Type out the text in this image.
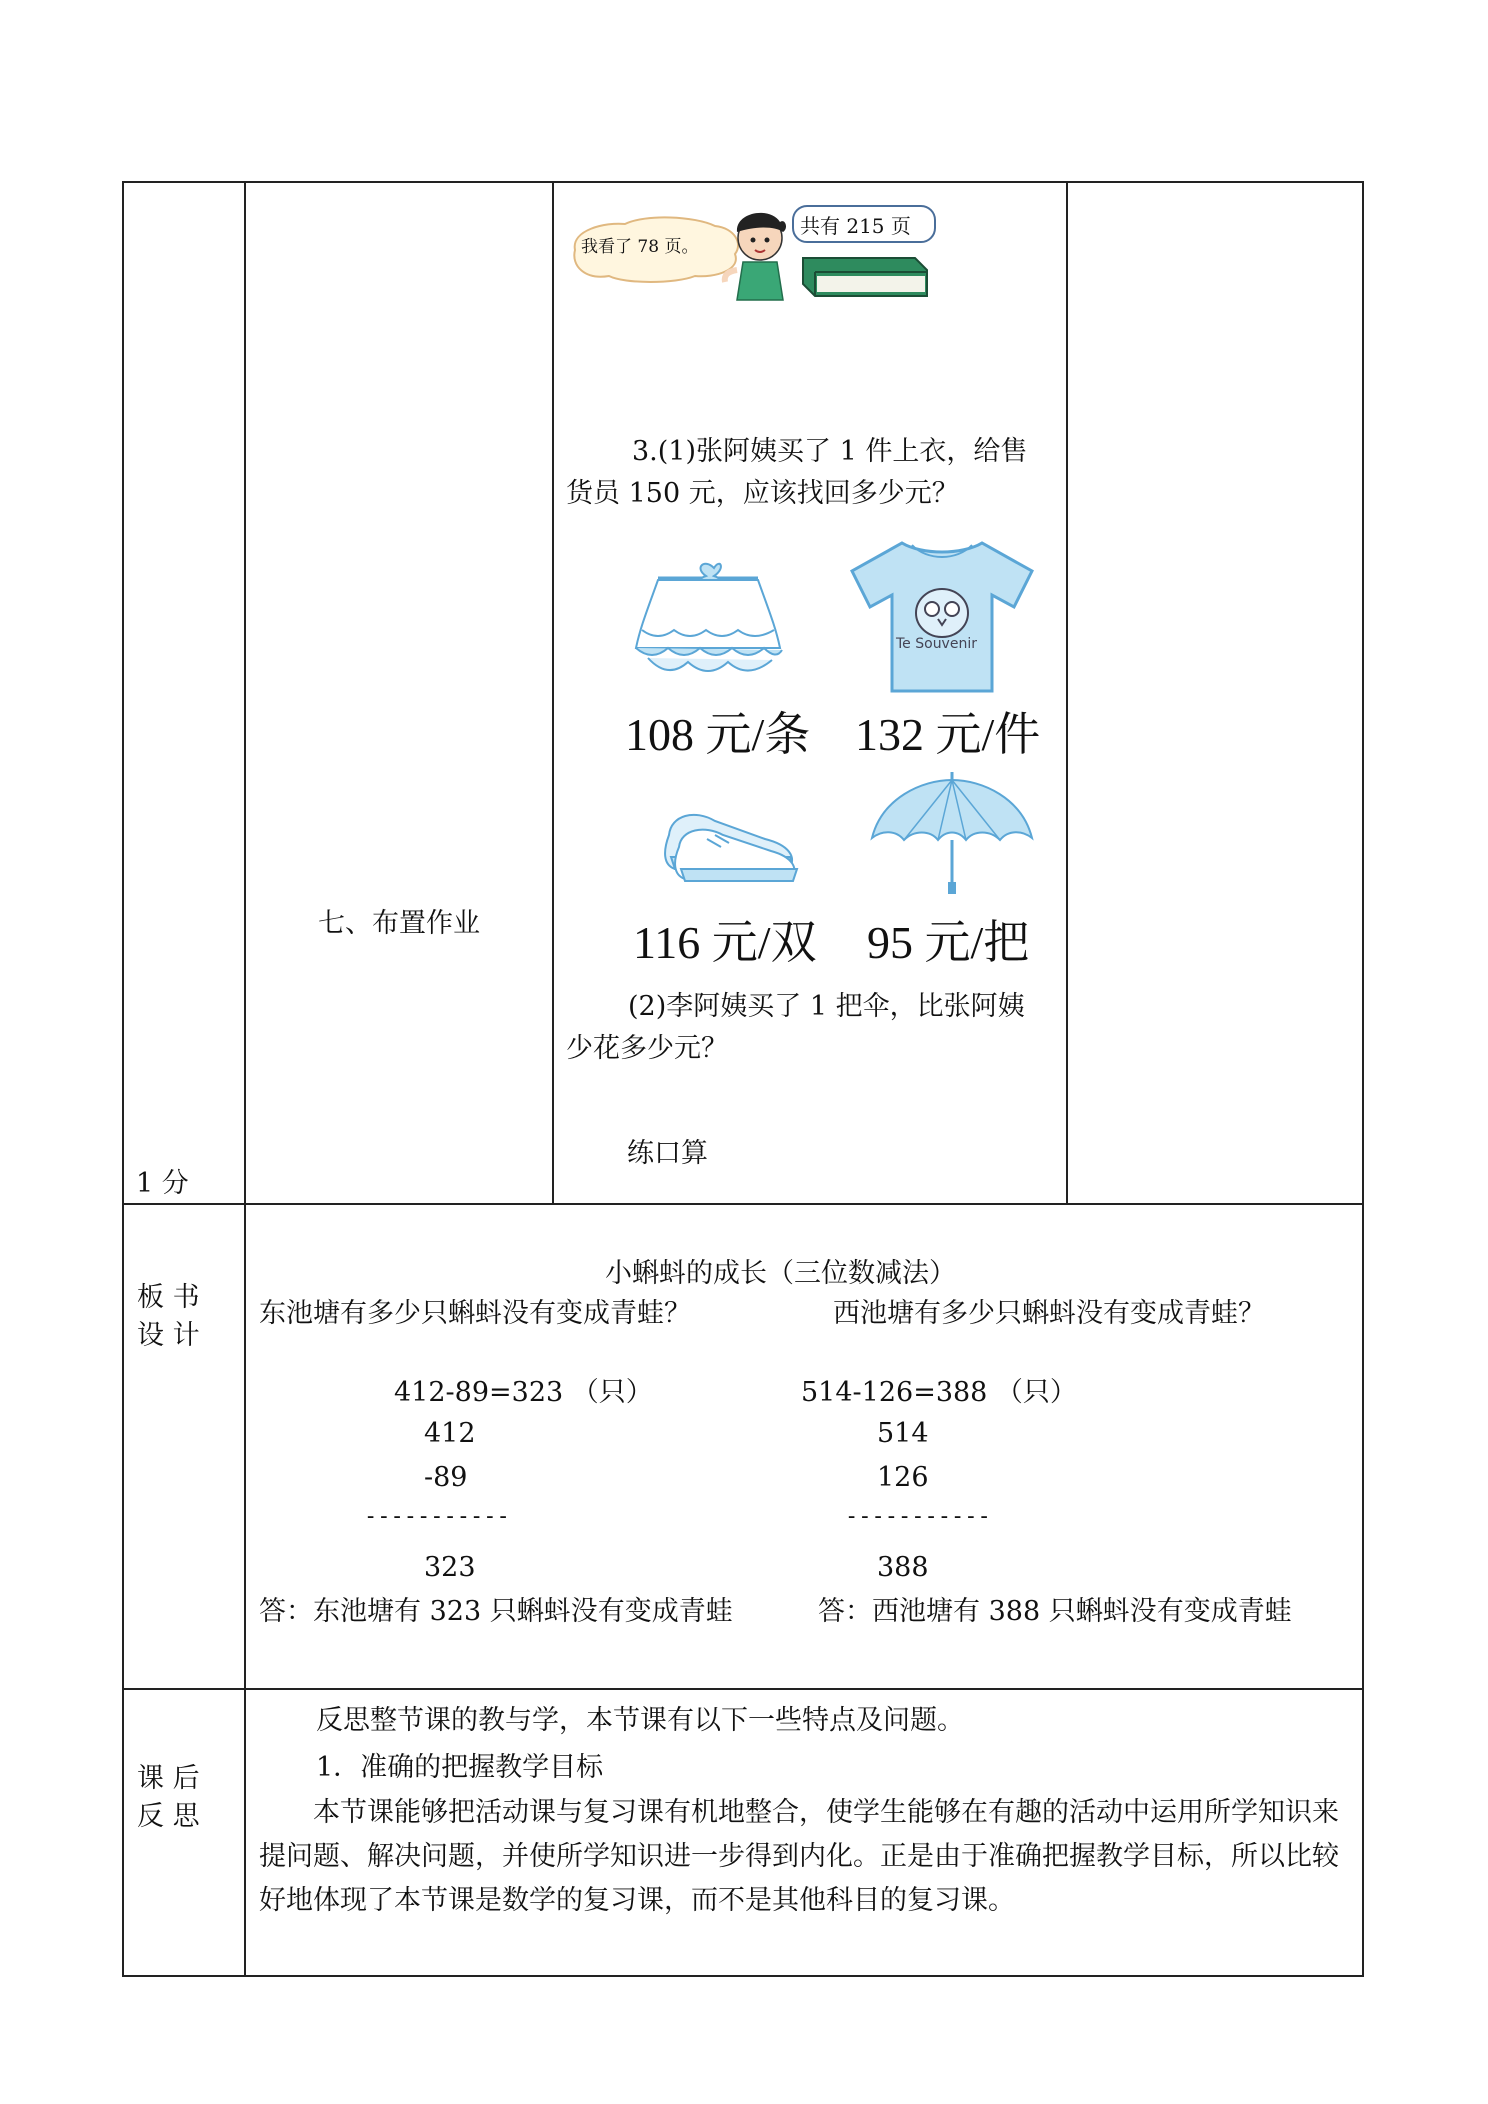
1 分
七、布置作业
我看了 78 页。
共有 215 页
3.(1)张阿姨买了 1 件上衣，给售
货员 150 元，应该找回多少元？
Te Souvenir
108 元/条 132 元/件
116 元/双 95 元/把
(2)李阿姨买了 1 把伞，比张阿姨
少花多少元？
练口算
板 书
设 计
小蝌蚪的成长（三位数减法）
东池塘有多少只蝌蚪没有变成青蛙？	西池塘有多少只蝌蚪没有变成青蛙？
412-89=323 （只）	514-126=388 （只）
412	514
-89	126
-----------	-----------
323	388
答：东池塘有 323 只蝌蚪没有变成青蛙	答：西池塘有 388 只蝌蚪没有变成青蛙
课 后
反 思
反思整节课的教与学，本节课有以下一些特点及问题。
1．准确的把握教学目标
本节课能够把活动课与复习课有机地整合，使学生能够在有趣的活动中运用所学知识来提问题、解决问题，并使所学知识进一步得到内化。正是由于准确把握教学目标，所以比较好地体现了本节课是数学的复习课，而不是其他科目的复习课。
